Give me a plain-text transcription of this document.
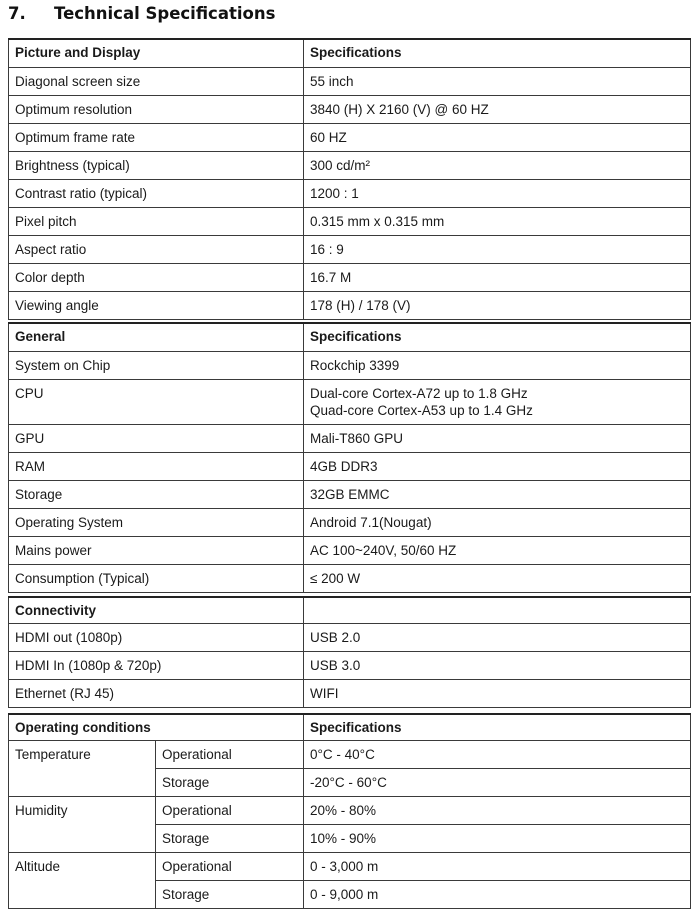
7. Technical Specifications
Picture and Display	Specifications
Diagonal screen size	55 inch
Optimum resolution	3840 (H) X 2160 (V) @ 60 HZ
Optimum frame rate	60 HZ
Brightness (typical)	300 cd/m²
Contrast ratio (typical)	1200 : 1
Pixel pitch	0.315 mm x 0.315 mm
Aspect ratio	16 : 9
Color depth	16.7 M
Viewing angle	178 (H) / 178 (V)
General	Specifications
System on Chip	Rockchip 3399
CPU	Dual-core Cortex-A72 up to 1.8 GHz
Quad-core Cortex-A53 up to 1.4 GHz

GPU	Mali-T860 GPU
RAM	4GB DDR3
Storage	32GB EMMC
Operating System	Android 7.1(Nougat)
Mains power	AC 100~240V, 50/60 HZ
Consumption (Typical)	≤ 200 W
Connectivity	
HDMI out (1080p)	USB 2.0
HDMI In (1080p & 720p)	USB 3.0
Ethernet (RJ 45)	WIFI
Operating conditions		Specifications
Temperature	Operational	0°C - 40°C
	Storage	-20°C - 60°C
Humidity	Operational	20% - 80%
	Storage	10% - 90%
Altitude	Operational	0 - 3,000 m
	Storage	0 - 9,000 m
